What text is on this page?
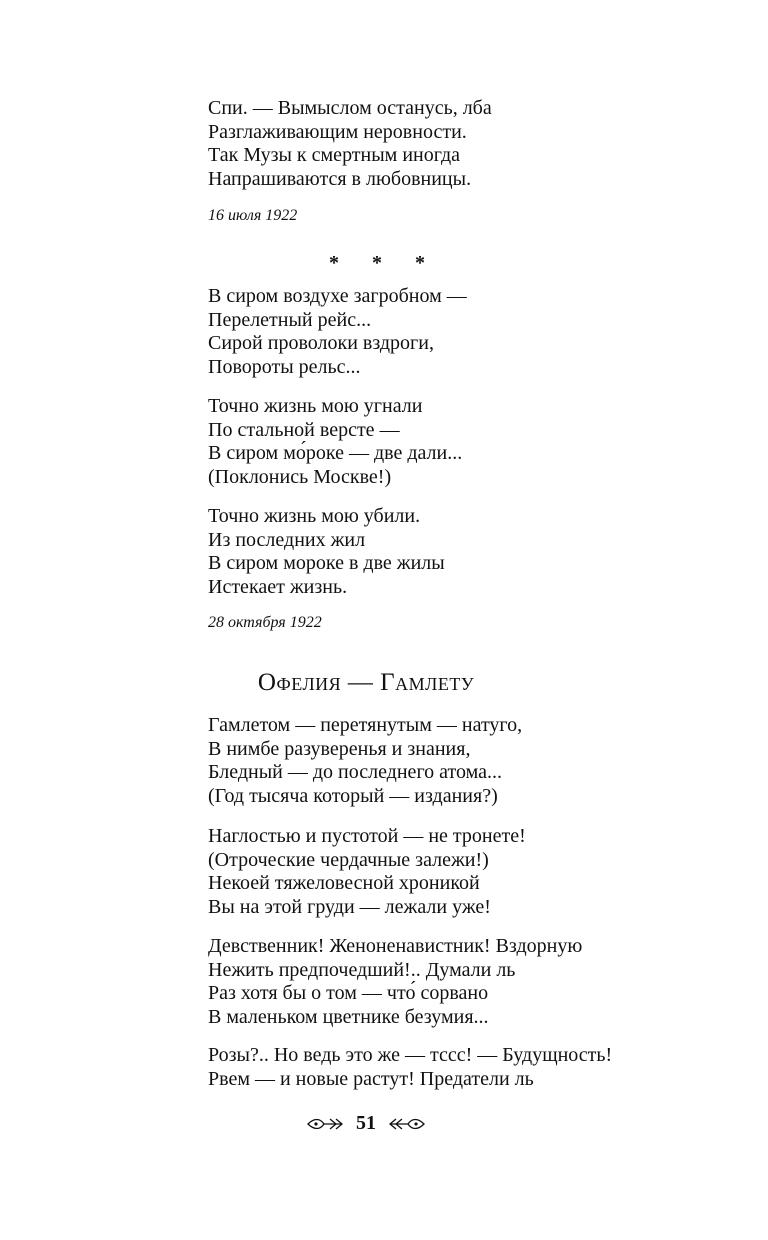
Спи. — Вымыслом останусь, лба
Разглаживающим неровности.
Так Музы к смертным иногда
Напрашиваются в любовницы.
16 июля 1922
* * *
В сиром воздухе загробном —
Перелетный рейс...
Сирой проволоки вздроги,
Повороты рельс...
Точно жизнь мою угнали
По стальной версте —
В сиром мо́роке — две дали...
(Поклонись Москве!)
Точно жизнь мою убили.
Из последних жил
В сиром мороке в две жилы
Истекает жизнь.
28 октября 1922
Офелия — Гамлету
Гамлетом — перетянутым — натуго,
В нимбе разуверенья и знания,
Бледный — до последнего атома...
(Год тысяча который — издания?)
Наглостью и пустотой — не тронете!
(Отроческие чердачные залежи!)
Некоей тяжеловесной хроникой
Вы на этой груди — лежали уже!
Девственник! Женоненавистник! Вздорную
Нежить предпочедший!.. Думали ль
Раз хотя бы о том — что́ сорвано
В маленьком цветнике безумия...
Розы?.. Но ведь это же — тссс! — Будущность!
Рвем — и новые растут! Предатели ль
51
